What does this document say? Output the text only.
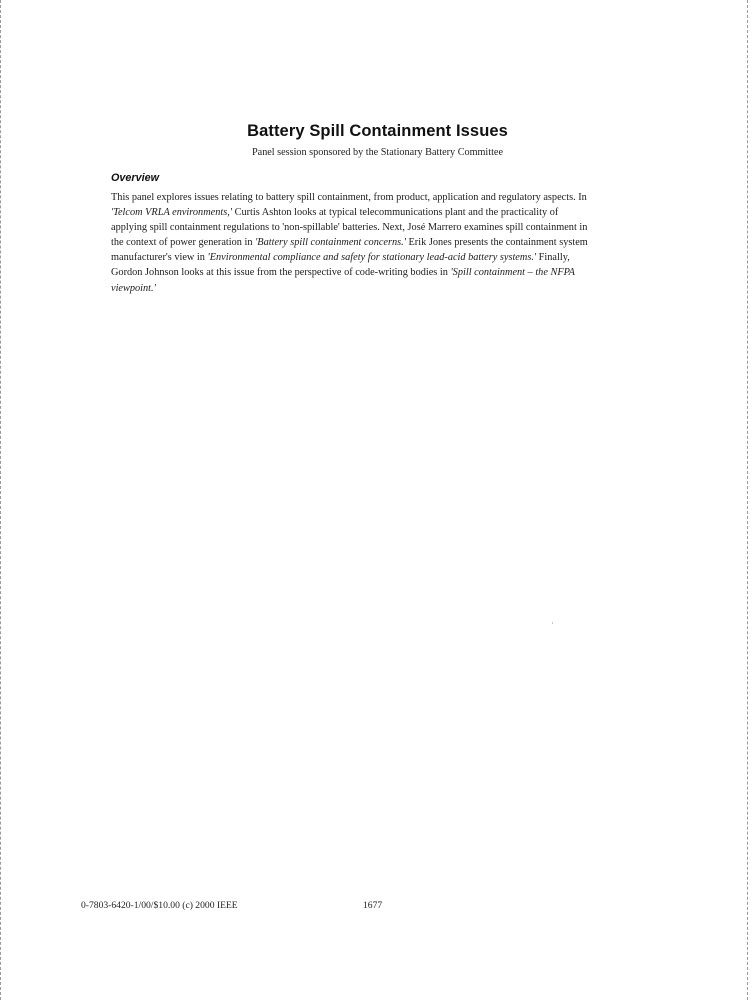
Battery Spill Containment Issues
Panel session sponsored by the Stationary Battery Committee
Overview
This panel explores issues relating to battery spill containment, from product, application and regulatory aspects. In
'Telcom VRLA environments,' Curtis Ashton looks at typical telecommunications plant and the practicality of
applying spill containment regulations to 'non-spillable' batteries. Next, José Marrero examines spill containment in
the context of power generation in 'Battery spill containment concerns.' Erik Jones presents the containment system
manufacturer's view in 'Environmental compliance and safety for stationary lead-acid battery systems.' Finally,
Gordon Johnson looks at this issue from the perspective of code-writing bodies in 'Spill containment – the NFPA
viewpoint.'
0-7803-6420-1/00/$10.00 (c) 2000 IEEE	1677
